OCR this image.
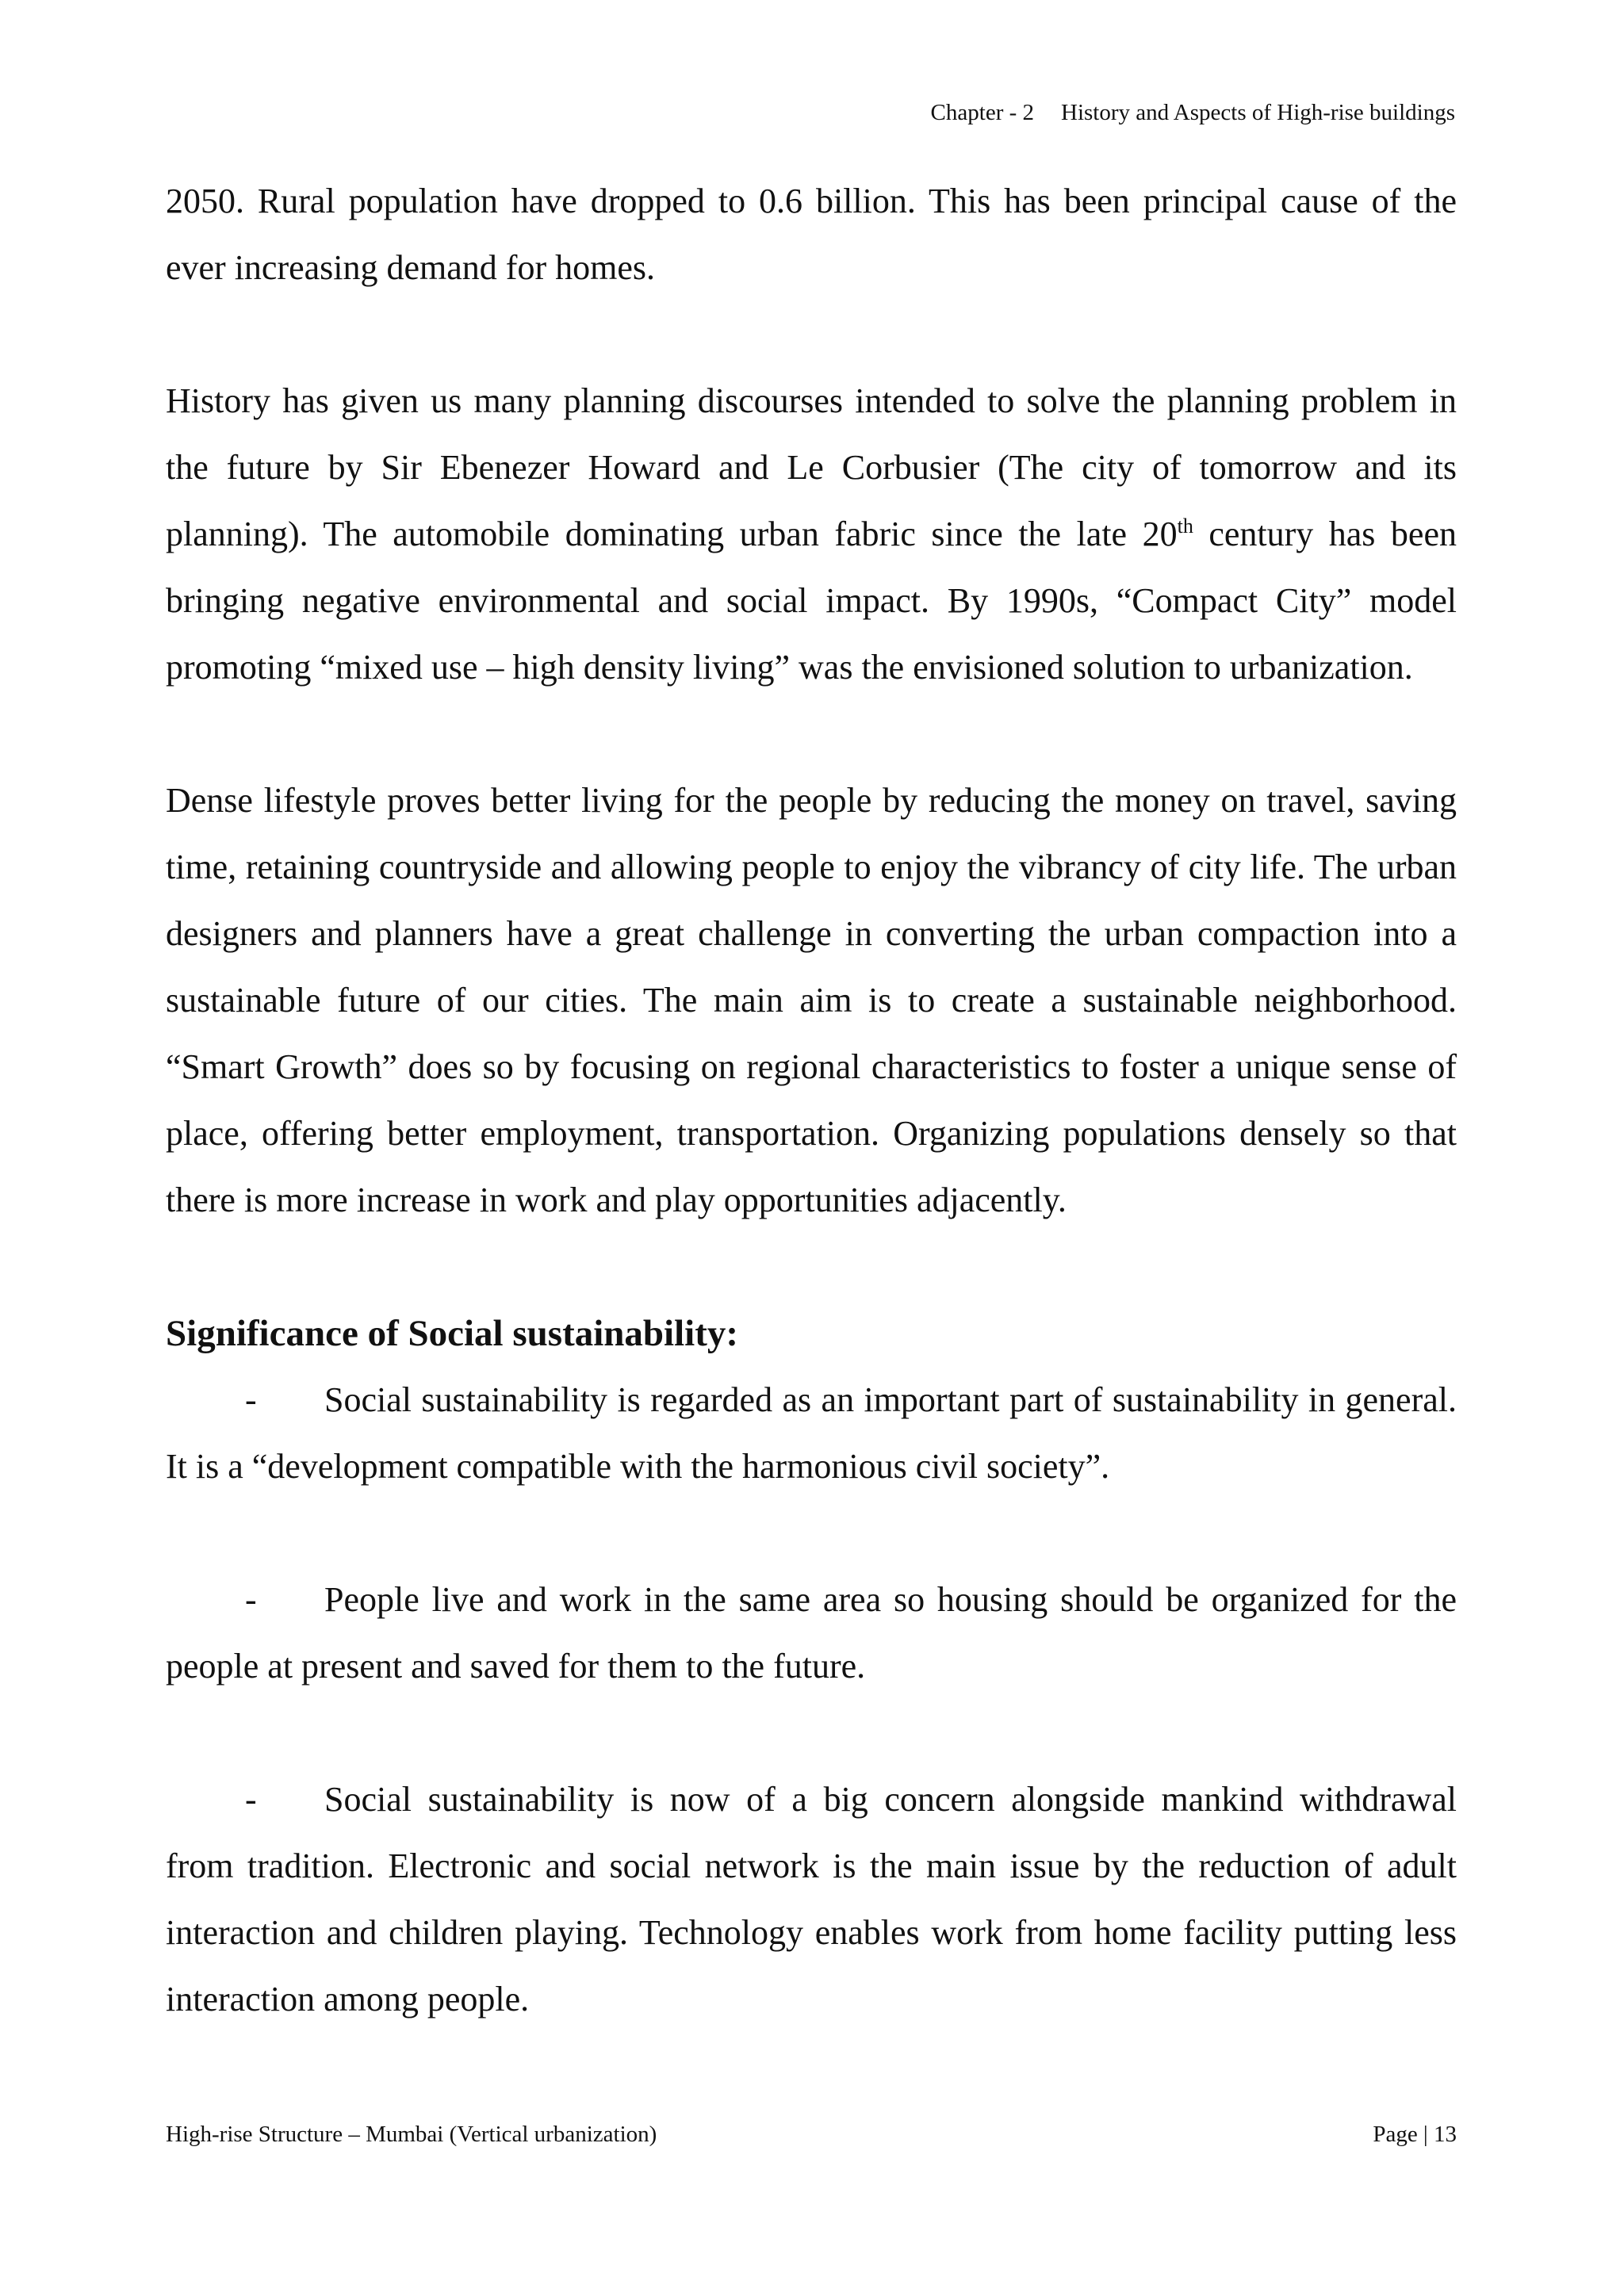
Chapter - 2 History and Aspects of High-rise buildings

2050. Rural population have dropped to 0.6 billion. This has been principal cause of the ever increasing demand for homes.

History has given us many planning discourses intended to solve the planning problem in the future by Sir Ebenezer Howard and Le Corbusier (The city of tomorrow and its planning). The automobile dominating urban fabric since the late 20th century has been bringing negative environmental and social impact. By 1990s, “Compact City” model promoting “mixed use – high density living” was the envisioned solution to urbanization.

Dense lifestyle proves better living for the people by reducing the money on travel, saving time, retaining countryside and allowing people to enjoy the vibrancy of city life. The urban designers and planners have a great challenge in converting the urban compaction into a sustainable future of our cities. The main aim is to create a sustainable neighborhood. “Smart Growth” does so by focusing on regional characteristics to foster a unique sense of place, offering better employment, transportation. Organizing populations densely so that there is more increase in work and play opportunities adjacently.

Significance of Social sustainability:

- Social sustainability is regarded as an important part of sustainability in general. It is a “development compatible with the harmonious civil society”.

- People live and work in the same area so housing should be organized for the people at present and saved for them to the future.

- Social sustainability is now of a big concern alongside mankind withdrawal from tradition. Electronic and social network is the main issue by the reduction of adult interaction and children playing. Technology enables work from home facility putting less interaction among people.

High-rise Structure – Mumbai (Vertical urbanization)	Page | 13
